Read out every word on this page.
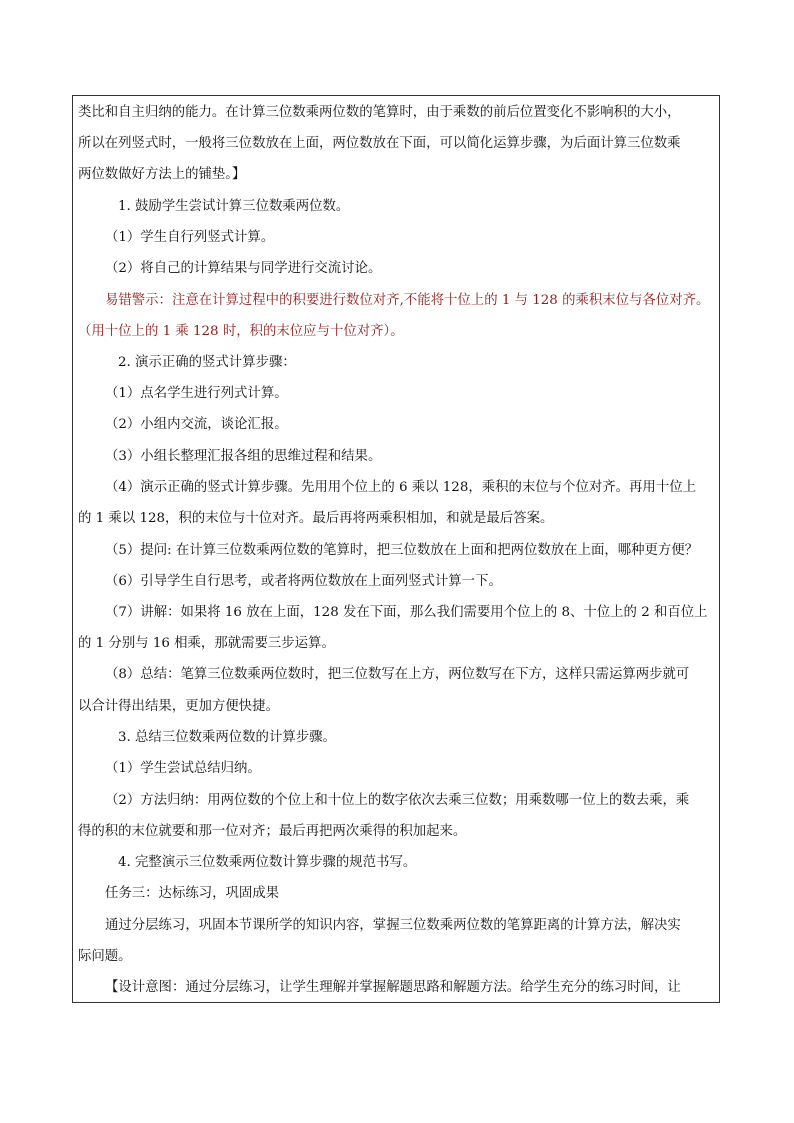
类比和自主归纳的能力。在计算三位数乘两位数的笔算时，由于乘数的前后位置变化不影响积的大小，
所以在列竖式时，一般将三位数放在上面，两位数放在下面，可以简化运算步骤，为后面计算三位数乘
两位数做好方法上的铺垫。】
1. 鼓励学生尝试计算三位数乘两位数。
（1）学生自行列竖式计算。
（2）将自己的计算结果与同学进行交流讨论。
易错警示：注意在计算过程中的积要进行数位对齐,不能将十位上的 1 与 128 的乘积末位与各位对齐。
（用十位上的 1 乘 128 时，积的末位应与十位对齐）。
2. 演示正确的竖式计算步骤：
（1）点名学生进行列式计算。
（2）小组内交流，谈论汇报。
（3）小组长整理汇报各组的思维过程和结果。
（4）演示正确的竖式计算步骤。先用用个位上的 6 乘以 128，乘积的末位与个位对齐。再用十位上
的 1 乘以 128，积的末位与十位对齐。最后再将两乘积相加，和就是最后答案。
（5）提问: 在计算三位数乘两位数的笔算时，把三位数放在上面和把两位数放在上面，哪种更方便？
（6）引导学生自行思考，或者将两位数放在上面列竖式计算一下。
（7）讲解：如果将 16 放在上面，128 发在下面，那么我们需要用个位上的 8、十位上的 2 和百位上
的 1 分别与 16 相乘，那就需要三步运算。
（8）总结：笔算三位数乘两位数时，把三位数写在上方，两位数写在下方，这样只需运算两步就可
以合计得出结果，更加方便快捷。
3. 总结三位数乘两位数的计算步骤。
（1）学生尝试总结归纳。
（2）方法归纳：用两位数的个位上和十位上的数字依次去乘三位数；用乘数哪一位上的数去乘，乘
得的积的末位就要和那一位对齐；最后再把两次乘得的积加起来。
4. 完整演示三位数乘两位数计算步骤的规范书写。
任务三：达标练习，巩固成果
通过分层练习，巩固本节课所学的知识内容，掌握三位数乘两位数的笔算距离的计算方法，解决实
际问题。
【设计意图：通过分层练习，让学生理解并掌握解题思路和解题方法。给学生充分的练习时间，让
